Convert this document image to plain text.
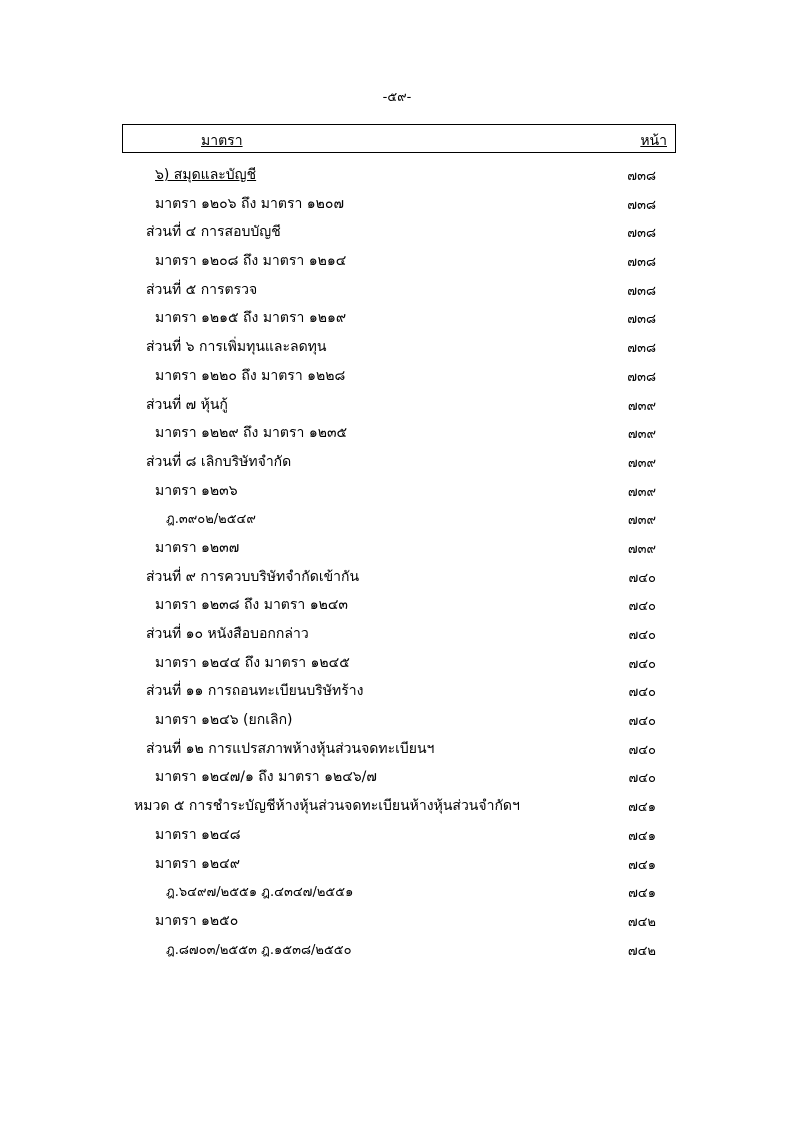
-๕๙-
มาตรา	หน้า
๖) สมุดและบัญชี	๗๓๘
มาตรา ๑๒๐๖ ถึง มาตรา ๑๒๐๗	๗๓๘
ส่วนที่ ๔ การสอบบัญชี	๗๓๘
มาตรา ๑๒๐๘ ถึง มาตรา ๑๒๑๔	๗๓๘
ส่วนที่ ๕ การตรวจ	๗๓๘
มาตรา ๑๒๑๕ ถึง มาตรา ๑๒๑๙	๗๓๘
ส่วนที่ ๖ การเพิ่มทุนและลดทุน	๗๓๘
มาตรา ๑๒๒๐ ถึง มาตรา ๑๒๒๘	๗๓๘
ส่วนที่ ๗ หุ้นกู้	๗๓๙
มาตรา ๑๒๒๙ ถึง มาตรา ๑๒๓๕	๗๓๙
ส่วนที่ ๘ เลิกบริษัทจำกัด	๗๓๙
มาตรา ๑๒๓๖	๗๓๙
ฎ.๓๙๐๒/๒๕๔๙	๗๓๙
มาตรา ๑๒๓๗	๗๓๙
ส่วนที่ ๙ การควบบริษัทจำกัดเข้ากัน	๗๔๐
มาตรา ๑๒๓๘ ถึง มาตรา ๑๒๔๓	๗๔๐
ส่วนที่ ๑๐ หนังสือบอกกล่าว	๗๔๐
มาตรา ๑๒๔๔ ถึง มาตรา ๑๒๔๕	๗๔๐
ส่วนที่ ๑๑ การถอนทะเบียนบริษัทร้าง	๗๔๐
มาตรา ๑๒๔๖ (ยกเลิก)	๗๔๐
ส่วนที่ ๑๒ การแปรสภาพห้างหุ้นส่วนจดทะเบียนฯ	๗๔๐
มาตรา ๑๒๔๗/๑ ถึง มาตรา ๑๒๔๖/๗	๗๔๐
หมวด ๕ การชำระบัญชีห้างหุ้นส่วนจดทะเบียนห้างหุ้นส่วนจำกัดฯ	๗๔๑
มาตรา ๑๒๔๘	๗๔๑
มาตรา ๑๒๔๙	๗๔๑
ฎ.๖๔๙๗/๒๕๕๑ ฎ.๔๓๔๗/๒๕๕๑	๗๔๑
มาตรา ๑๒๕๐	๗๔๒
ฎ.๘๗๐๓/๒๕๕๓ ฎ.๑๕๓๘/๒๕๕๐	๗๔๒
